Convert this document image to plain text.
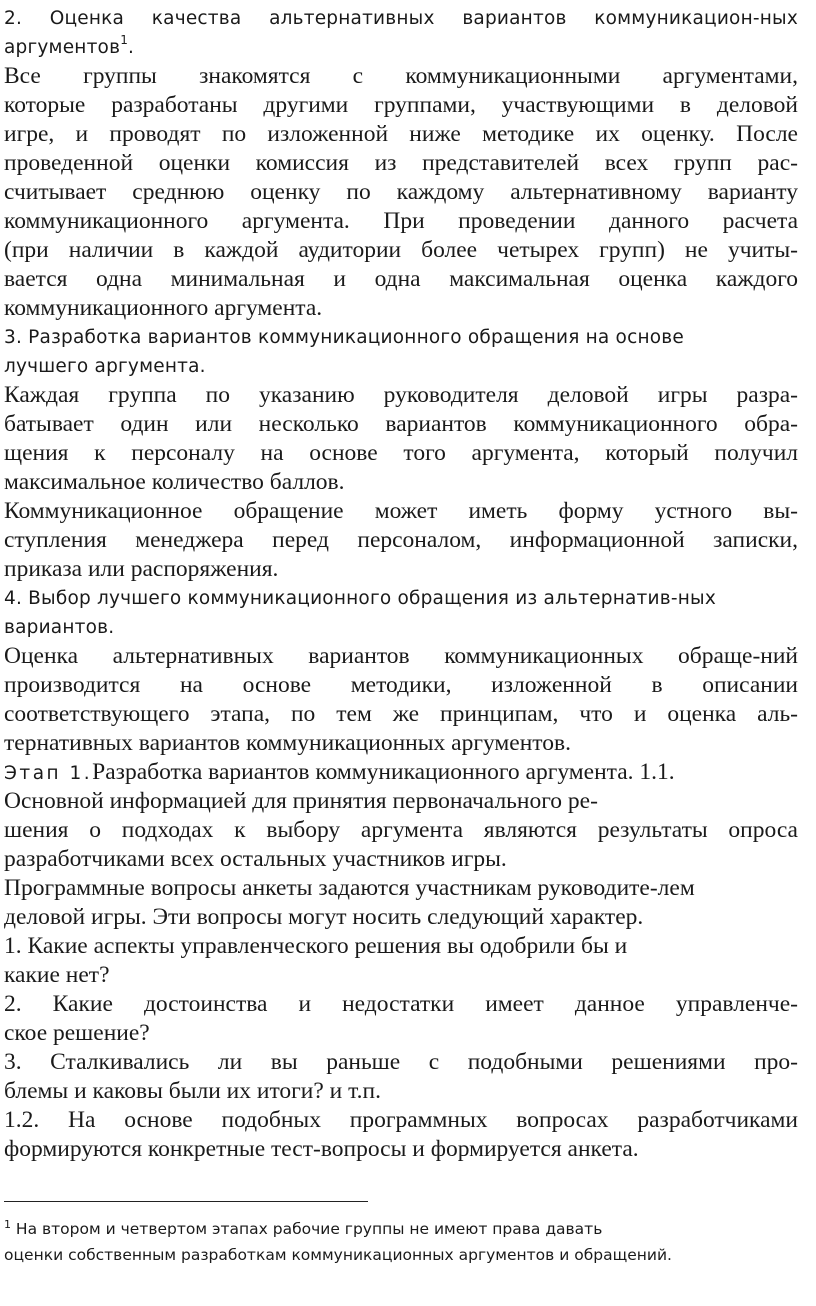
2. Оценка качества альтернативных вариантов коммуникацион-ных
аргументов$^1$.
Все группы знакомятся с коммуникационными аргументами,
которые разработаны другими группами, участвующими в деловой
игре, и проводят по изложенной ниже методике их оценку. После
проведенной оценки комиссия из представителей всех групп рас-
считывает среднюю оценку по каждому альтернативному варианту
коммуникационного аргумента. При проведении данного расчета
(при наличии в каждой аудитории более четырех групп) не учиты-
вается одна минимальная и одна максимальная оценка каждого
коммуникационного аргумента.
3. Разработка вариантов коммуникационного обращения на основе
лучшего аргумента.
Каждая группа по указанию руководителя деловой игры разра-
батывает один или несколько вариантов коммуникационного обра-
щения к персоналу на основе того аргумента, который получил
максимальное количество баллов.
Коммуникационное обращение может иметь форму устного вы-
ступления менеджера перед персоналом, информационной записки,
приказа или распоряжения.
4. Выбор лучшего коммуникационного обращения из альтернатив-ных
вариантов.
Оценка альтернативных вариантов коммуникационных обраще-ний
производится на основе методики, изложенной в описании
соответствующего этапа, по тем же принципам, что и оценка аль-
тернативных вариантов коммуникационных аргументов.
Этап 1.Разработка вариантов коммуникационного аргумента. 1.1.
Основной информацией для принятия первоначального ре-
шения о подходах к выбору аргумента являются результаты опроса
разработчиками всех остальных участников игры.
Программные вопросы анкеты задаются участникам руководите-лем
деловой игры. Эти вопросы могут носить следующий характер.
1. Какие аспекты управленческого решения вы одобрили бы и
какие нет?
2. Какие достоинства и недостатки имеет данное управленче-
ское решение?
3. Сталкивались ли вы раньше с подобными решениями про-
блемы и каковы были их итоги? и т.п.
1.2. На основе подобных программных вопросах разработчиками
формируются конкретные тест-вопросы и формируется анкета.
$^1$ На втором и четвертом этапах рабочие группы не имеют права давать
оценки собственным разработкам коммуникационных аргументов и обращений.
